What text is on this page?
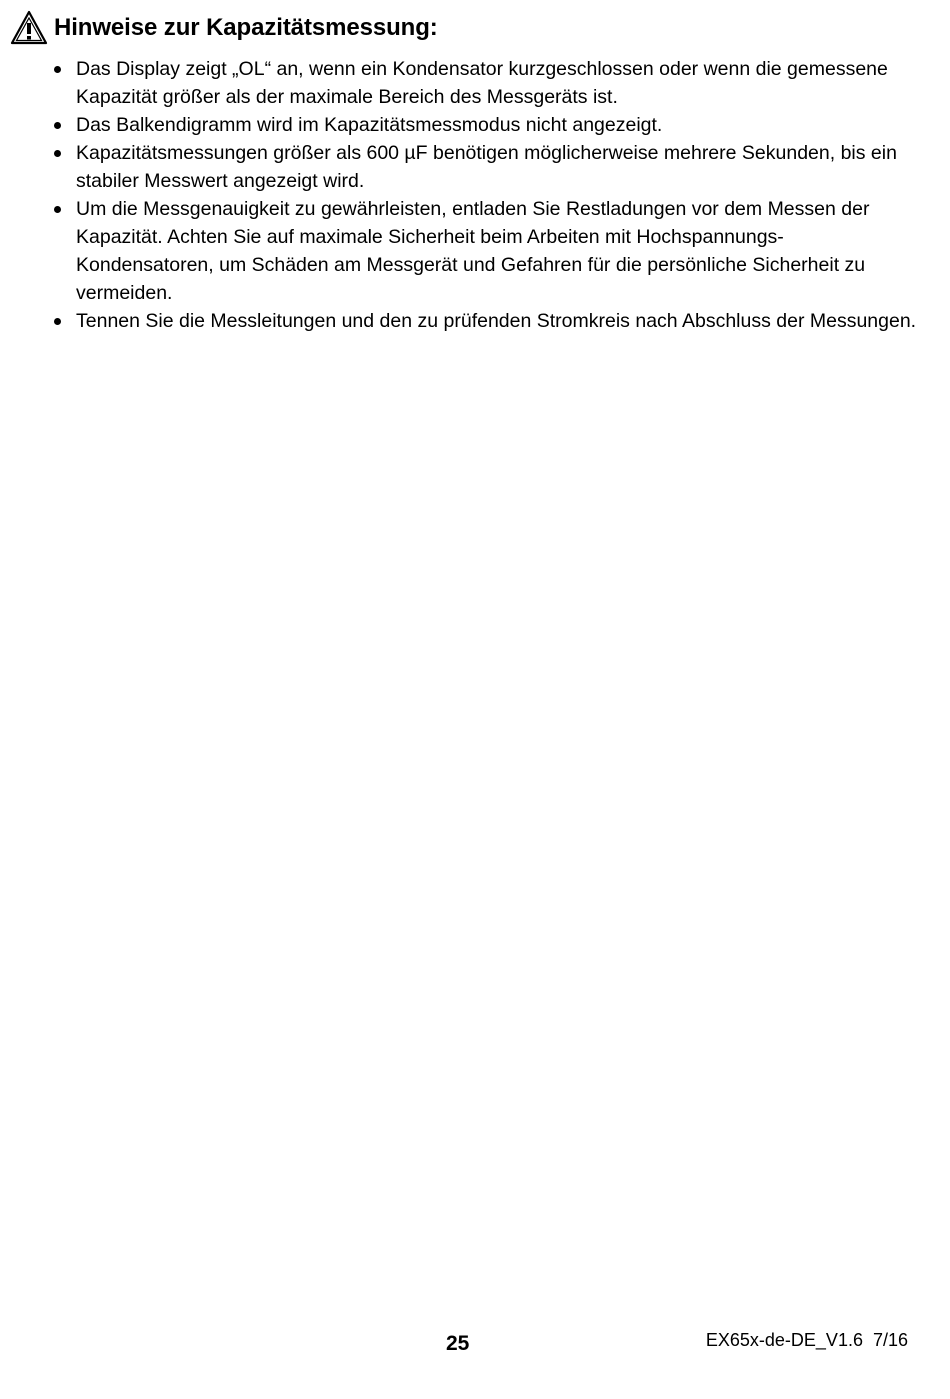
Hinweise zur Kapazitätsmessung:
Das Display zeigt „OL“ an, wenn ein Kondensator kurzgeschlossen oder wenn die gemessene Kapazität größer als der maximale Bereich des Messgeräts ist.
Das Balkendigramm wird im Kapazitätsmessmodus nicht angezeigt.
Kapazitätsmessungen größer als 600 µF benötigen möglicherweise mehrere Sekunden, bis ein stabiler Messwert angezeigt wird.
Um die Messgenauigkeit zu gewährleisten, entladen Sie Restladungen vor dem Messen der Kapazität. Achten Sie auf maximale Sicherheit beim Arbeiten mit Hochspannungs-Kondensatoren, um Schäden am Messgerät und Gefahren für die persönliche Sicherheit zu vermeiden.
Tennen Sie die Messleitungen und den zu prüfenden Stromkreis nach Abschluss der Messungen.
25	EX65x-de-DE_V1.6  7/16
